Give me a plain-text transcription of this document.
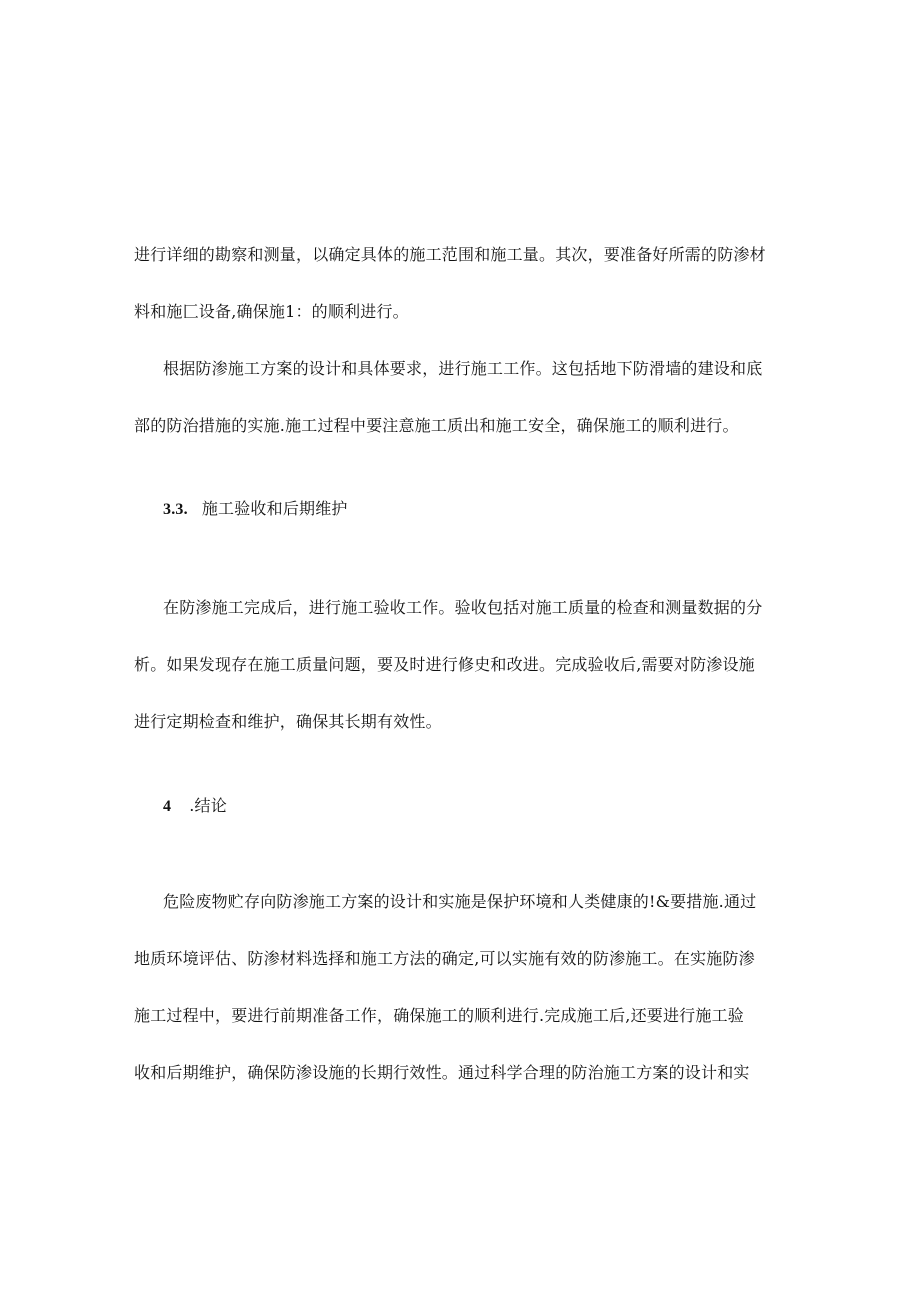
进行详细的勘察和测量，以确定具体的施工范围和施工量。其次，要准备好所需的防渗材
料和施匚设备,确保施1：的顺利进行。
根据防渗施工方案的设计和具体要求，进行施工工作。这包括地下防滑墙的建设和底
部的防治措施的实施.施工过程中要注意施工质出和施工安全，确保施工的顺利进行。
3.3. 施工验收和后期维护
在防渗施工完成后，进行施工验收工作。验收包括对施工质量的检查和测量数据的分
析。如果发现存在施工质量问题，要及时进行修史和改进。完成验收后,需要对防渗设施
进行定期检查和维护，确保其长期有效性。
4 .结论
危险废物贮存向防渗施工方案的设计和实施是保护环境和人类健康的!&要措施.通过
地质环境评估、防渗材料选择和施工方法的确定,可以实施有效的防渗施工。在实施防渗
施工过程中，要进行前期准备工作，确保施工的顺利进行.完成施工后,还要进行施工验
收和后期维护，确保防渗设施的长期行效性。通过科学合理的防治施工方案的设计和实
